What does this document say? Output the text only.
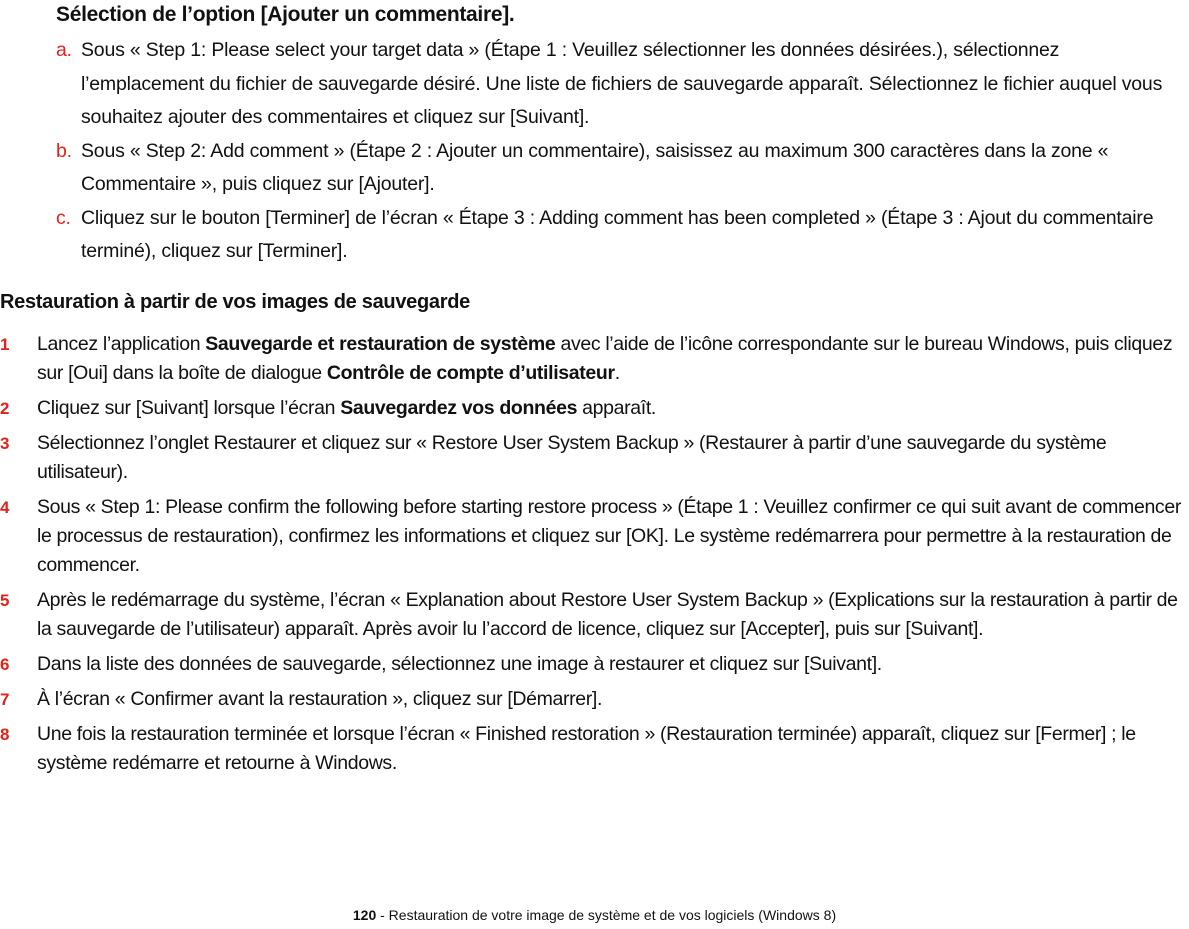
Sélection de l’option [Ajouter un commentaire].

a. Sous « Step 1: Please select your target data » (Étape 1 : Veuillez sélectionner les données désirées.), sélectionnez l’emplacement du fichier de sauvegarde désiré. Une liste de fichiers de sauvegarde apparaît. Sélectionnez le fichier auquel vous souhaitez ajouter des commentaires et cliquez sur [Suivant].
b. Sous « Step 2: Add comment » (Étape 2 : Ajouter un commentaire), saisissez au maximum 300 caractères dans la zone « Commentaire », puis cliquez sur [Ajouter].
c. Cliquez sur le bouton [Terminer] de l’écran « Étape 3 : Adding comment has been completed » (Étape 3 : Ajout du commentaire terminé), cliquez sur [Terminer].

Restauration à partir de vos images de sauvegarde

1 Lancez l’application Sauvegarde et restauration de système avec l’aide de l’icône correspondante sur le bureau Windows, puis cliquez sur [Oui] dans la boîte de dialogue Contrôle de compte d’utilisateur.
2 Cliquez sur [Suivant] lorsque l’écran Sauvegardez vos données apparaît.
3 Sélectionnez l’onglet Restaurer et cliquez sur « Restore User System Backup » (Restaurer à partir d’une sauvegarde du système utilisateur).
4 Sous « Step 1: Please confirm the following before starting restore process » (Étape 1 : Veuillez confirmer ce qui suit avant de commencer le processus de restauration), confirmez les informations et cliquez sur [OK]. Le système redémarrera pour permettre à la restauration de commencer.
5 Après le redémarrage du système, l’écran « Explanation about Restore User System Backup » (Explications sur la restauration à partir de la sauvegarde de l’utilisateur) apparaît. Après avoir lu l’accord de licence, cliquez sur [Accepter], puis sur [Suivant].
6 Dans la liste des données de sauvegarde, sélectionnez une image à restaurer et cliquez sur [Suivant].
7 À l’écran « Confirmer avant la restauration », cliquez sur [Démarrer].
8 Une fois la restauration terminée et lorsque l’écran « Finished restoration » (Restauration terminée) apparaît, cliquez sur [Fermer] ; le système redémarre et retourne à Windows.
120 - Restauration de votre image de système et de vos logiciels (Windows 8)
